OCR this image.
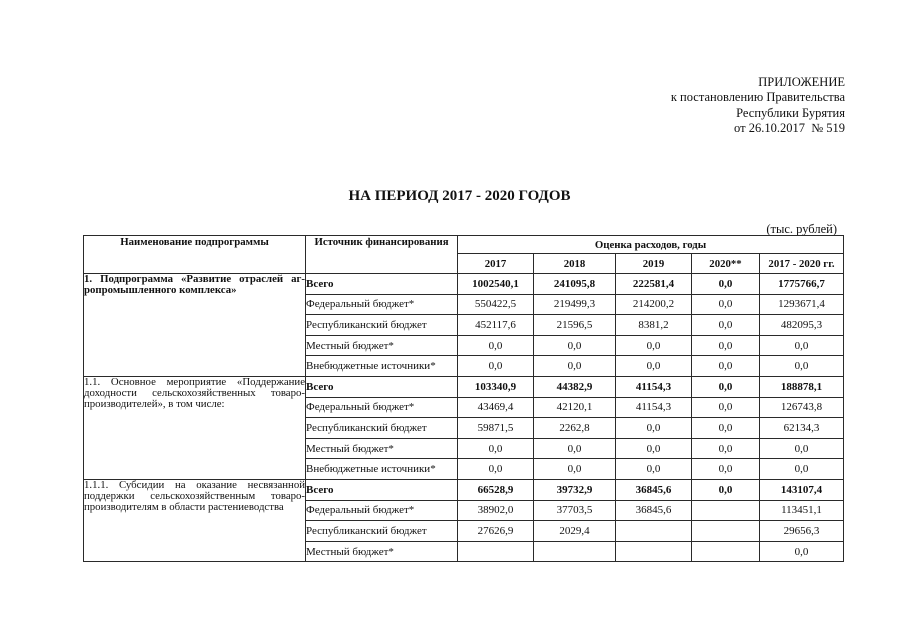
ПРИЛОЖЕНИЕ
к постановлению Правительства
Республики Бурятия
от 26.10.2017  № 519
НА ПЕРИОД 2017 - 2020 ГОДОВ
(тыс. рублей)
Наименование подпрограммы	Источник финансирования	Оценка расходов, годы				
		2017	2018	2019	2020**	2017 - 2020 гг.

1. Подпрограмма «Развитие отраслей аг-
ропромышленного комплекса»	Всего	1002540,1	241095,8	222581,4	0,0	1775766,7
	Федеральный бюджет*	550422,5	219499,3	214200,2	0,0	1293671,4
	Республиканский бюджет	452117,6	21596,5	8381,2	0,0	482095,3
	Местный бюджет*	0,0	0,0	0,0	0,0	0,0
	Внебюджетные источники*	0,0	0,0	0,0	0,0	0,0

1.1. Основное мероприятие «Поддержание
доходности сельскохозяйственных товаро-
производителей», в том числе:	Всего	103340,9	44382,9	41154,3	0,0	188878,1
	Федеральный бюджет*	43469,4	42120,1	41154,3	0,0	126743,8
	Республиканский бюджет	59871,5	2262,8	0,0	0,0	62134,3
	Местный бюджет*	0,0	0,0	0,0	0,0	0,0
	Внебюджетные источники*	0,0	0,0	0,0	0,0	0,0

1.1.1. Субсидии на оказание несвязанной
поддержки сельскохозяйственным товаро-
производителям в области растениеводства	Всего	66528,9	39732,9	36845,6	0,0	143107,4
	Федеральный бюджет*	38902,0	37703,5	36845,6		113451,1
	Республиканский бюджет	27626,9	2029,4			29656,3
	Местный бюджет*					0,0
